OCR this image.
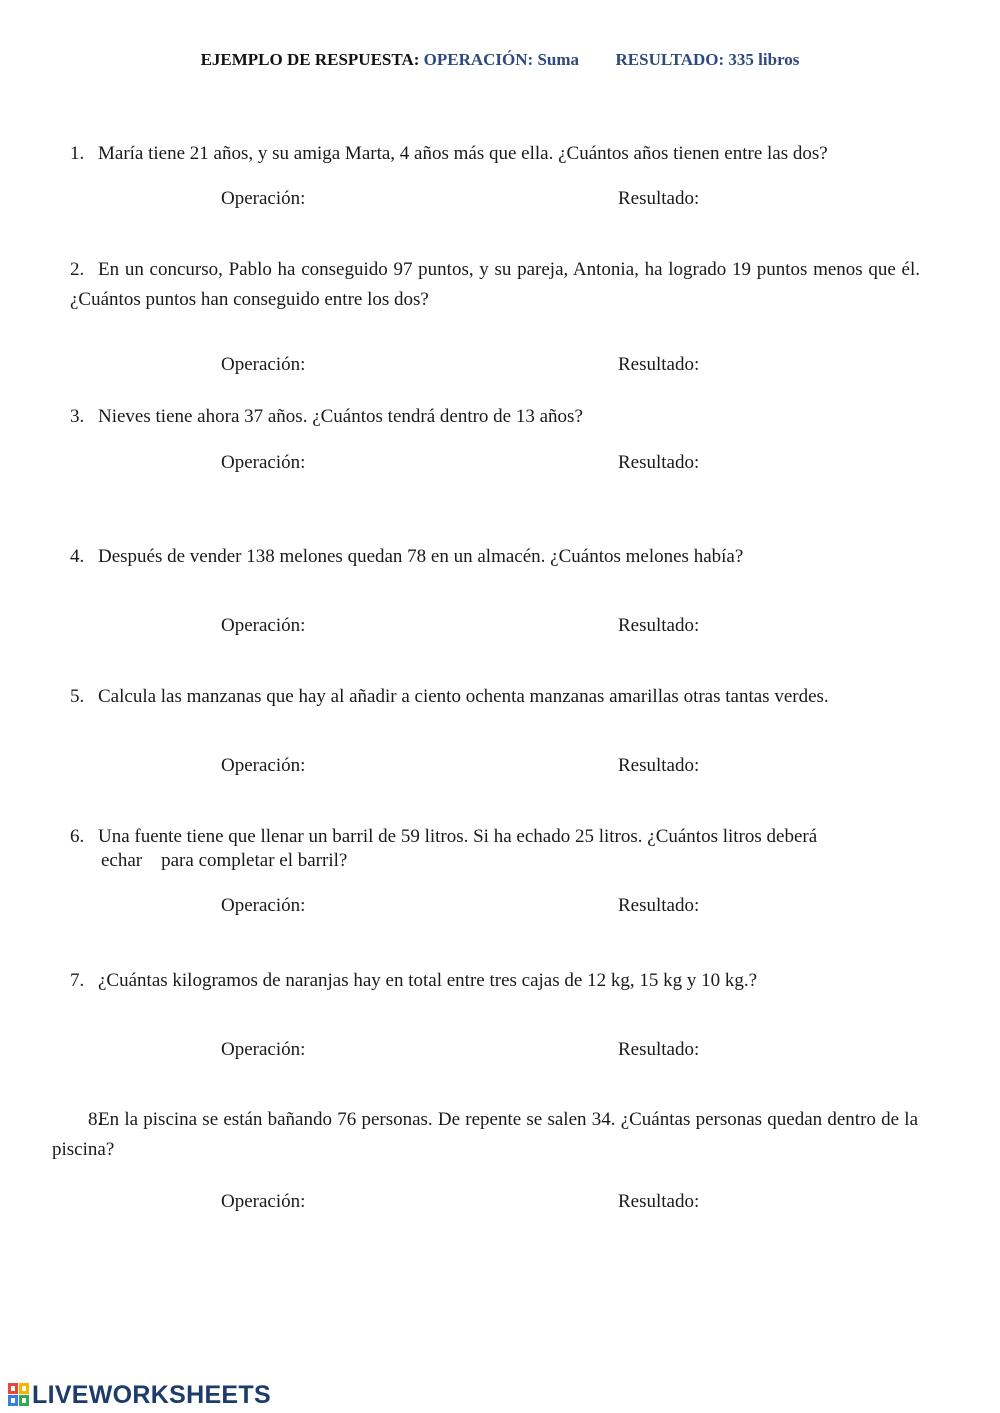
EJEMPLO DE RESPUESTA: OPERACIÓN: Suma RESULTADO: 335 libros
1. María tiene 21 años, y su amiga Marta, 4 años más que ella. ¿Cuántos años tienen entre las dos?
Operación:	Resultado:
2. En un concurso, Pablo ha conseguido 97 puntos, y su pareja, Antonia, ha logrado 19 puntos menos que él. ¿Cuántos puntos han conseguido entre los dos?
Operación:	Resultado:
3. Nieves tiene ahora 37 años. ¿Cuántos tendrá dentro de 13 años?
Operación:	Resultado:
4. Después de vender 138 melones quedan 78 en un almacén. ¿Cuántos melones había?
Operación:	Resultado:
5. Calcula las manzanas que hay al añadir a ciento ochenta manzanas amarillas otras tantas verdes.
Operación:	Resultado:
6. Una fuente tiene que llenar un barril de 59 litros. Si ha echado 25 litros. ¿Cuántos litros deberá
echar    para completar el barril?
Operación:	Resultado:
7. ¿Cuántas kilogramos de naranjas hay en total entre tres cajas de 12 kg, 15 kg y 10 kg.?
Operación:	Resultado:
8.En la piscina se están bañando 76 personas. De repente se salen 34. ¿Cuántas personas quedan dentro de la piscina?
Operación:	Resultado:
LIVEWORKSHEETS
